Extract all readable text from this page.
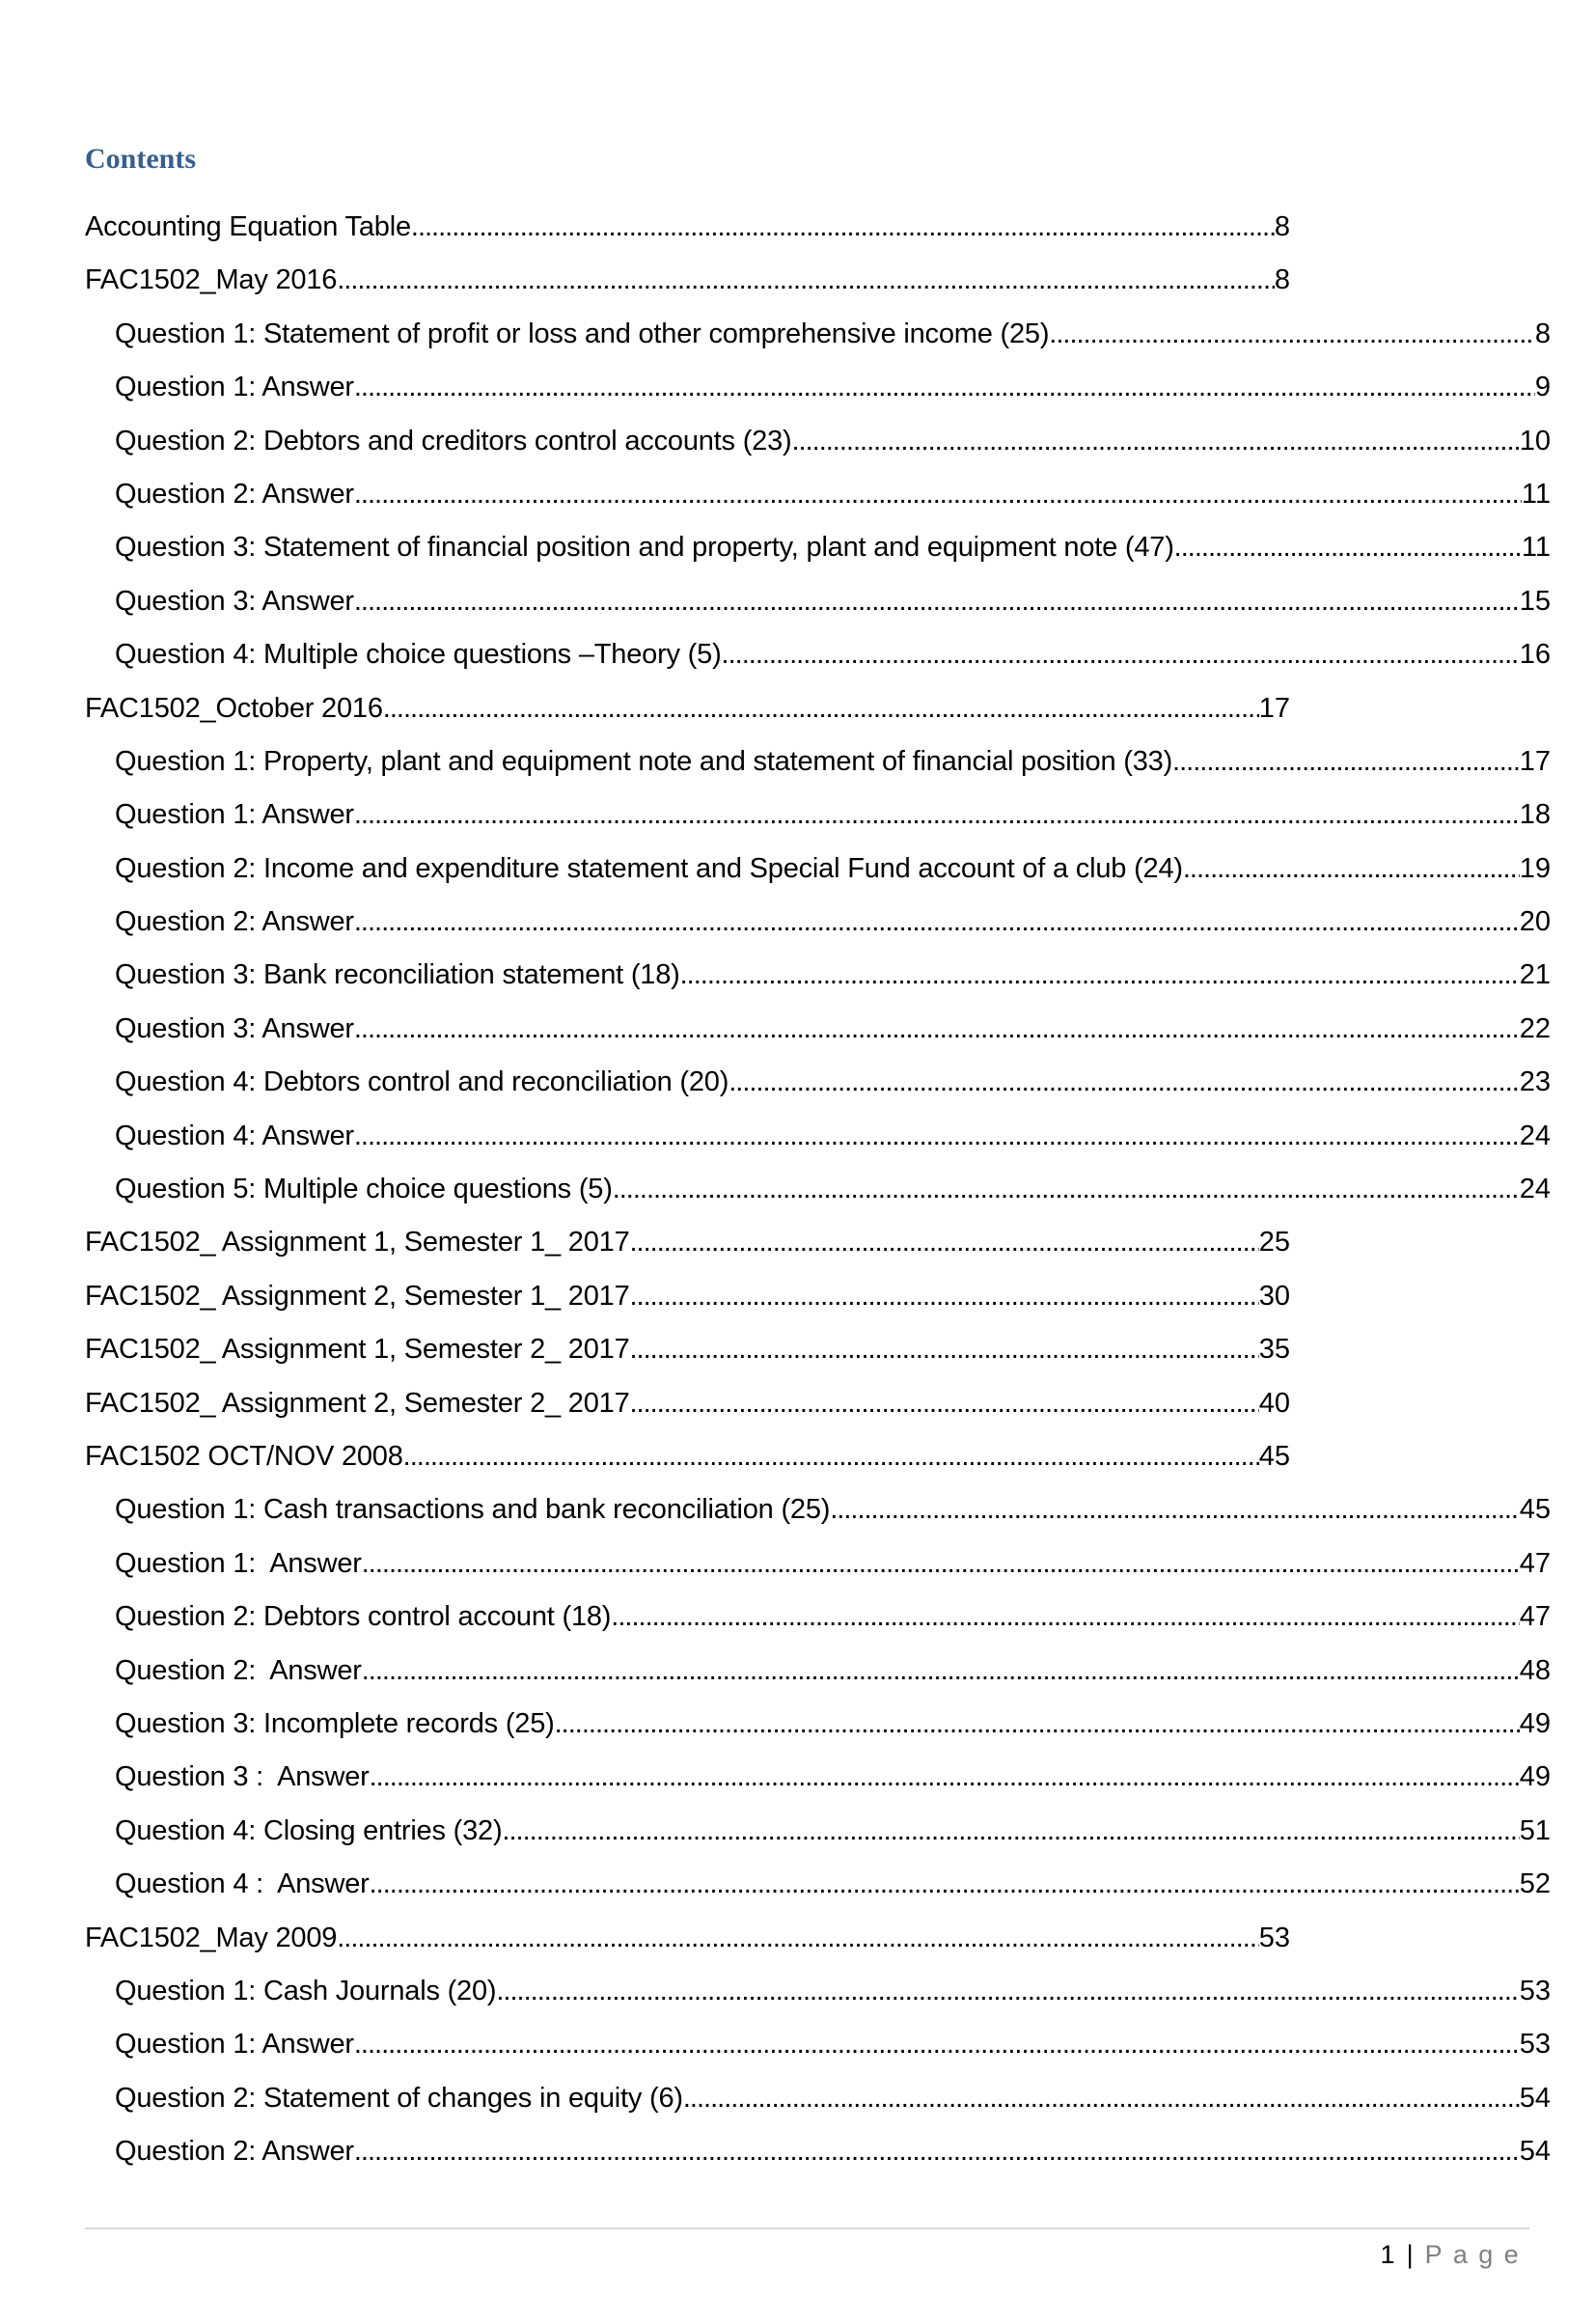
Contents
Accounting Equation Table .....	8
FAC1502_May 2016 .....	8
Question 1: Statement of profit or loss and other comprehensive income (25) .....	8
Question 1: Answer .....	9
Question 2: Debtors and creditors control accounts (23) .....	10
Question 2: Answer .....	11
Question 3: Statement of financial position and property, plant and equipment note (47) .....	11
Question 3: Answer .....	15
Question 4: Multiple choice questions –Theory (5) .....	16
FAC1502_October 2016 .....	17
Question 1: Property, plant and equipment note and statement of financial position (33) .....	17
Question 1: Answer .....	18
Question 2: Income and expenditure statement and Special Fund account of a club (24) .....	19
Question 2: Answer .....	20
Question 3: Bank reconciliation statement (18) .....	21
Question 3: Answer .....	22
Question 4: Debtors control and reconciliation (20) .....	23
Question 4: Answer .....	24
Question 5: Multiple choice questions (5) .....	24
FAC1502_ Assignment 1, Semester 1_ 2017 .....	25
FAC1502_ Assignment 2, Semester 1_ 2017 .....	30
FAC1502_ Assignment 1, Semester 2_ 2017 .....	35
FAC1502_ Assignment 2, Semester 2_ 2017 .....	40
FAC1502 OCT/NOV 2008 .....	45
Question 1: Cash transactions and bank reconciliation (25) .....	45
Question 1:  Answer .....	47
Question 2: Debtors control account (18) .....	47
Question 2:  Answer .....	48
Question 3: Incomplete records (25) .....	49
Question 3 :  Answer .....	49
Question 4: Closing entries (32) .....	51
Question 4 :  Answer .....	52
FAC1502_May 2009 .....	53
Question 1: Cash Journals (20) .....	53
Question 1: Answer .....	53
Question 2: Statement of changes in equity (6) .....	54
Question 2: Answer .....	54
1 | Page
